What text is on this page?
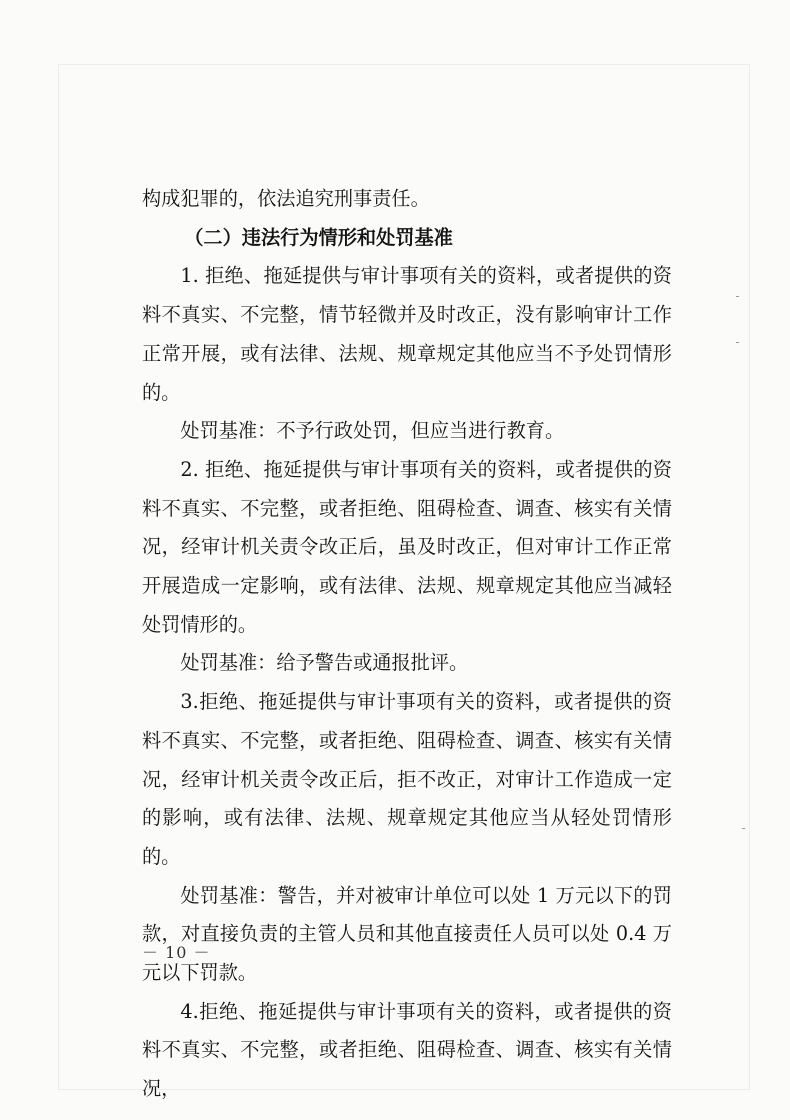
构成犯罪的，依法追究刑事责任。

（二）违法行为情形和处罚基准

1. 拒绝、拖延提供与审计事项有关的资料，或者提供的资料不真实、不完整，情节轻微并及时改正，没有影响审计工作正常开展，或有法律、法规、规章规定其他应当不予处罚情形的。

处罚基准：不予行政处罚，但应当进行教育。

2. 拒绝、拖延提供与审计事项有关的资料，或者提供的资料不真实、不完整，或者拒绝、阻碍检查、调查、核实有关情况，经审计机关责令改正后，虽及时改正，但对审计工作正常开展造成一定影响，或有法律、法规、规章规定其他应当减轻处罚情形的。

处罚基准：给予警告或通报批评。

3.拒绝、拖延提供与审计事项有关的资料，或者提供的资料不真实、不完整，或者拒绝、阻碍检查、调查、核实有关情况，经审计机关责令改正后，拒不改正，对审计工作造成一定的影响，或有法律、法规、规章规定其他应当从轻处罚情形的。

处罚基准：警告，并对被审计单位可以处 1 万元以下的罚款，对直接负责的主管人员和其他直接责任人员可以处 0.4 万元以下罚款。

4.拒绝、拖延提供与审计事项有关的资料，或者提供的资料不真实、不完整，或者拒绝、阻碍检查、调查、核实有关情况，

－ 10 －
